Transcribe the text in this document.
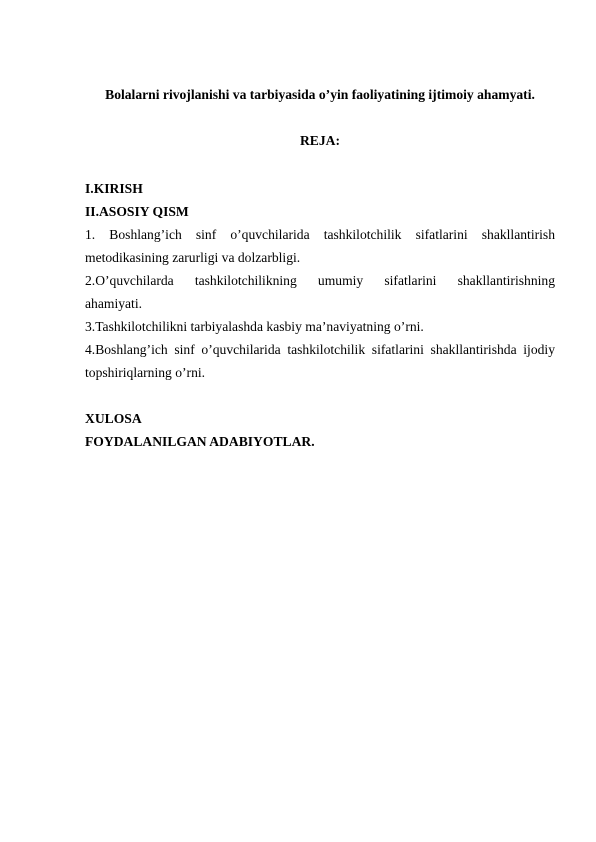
Bolalarni rivojlanishi va tarbiyasida o’yin faoliyatining ijtimoiy ahamyati.
REJA:
I.KIRISH
II.ASOSIY QISM
1. Boshlang’ich sinf o’quvchilarida tashkilotchilik sifatlarini shakllantirish
metodikasining zarurligi va dolzarbligi.
2.O’quvchilarda tashkilotchilikning umumiy sifatlarini shakllantirishning
ahamiyati.
3.Tashkilotchilikni tarbiyalashda kasbiy ma’naviyatning o’rni.
4.Boshlang’ich sinf o’quvchilarida tashkilotchilik sifatlarini shakllantirishda ijodiy
topshiriqlarning o’rni.
XULOSA
FOYDALANILGAN ADABIYOTLAR.
